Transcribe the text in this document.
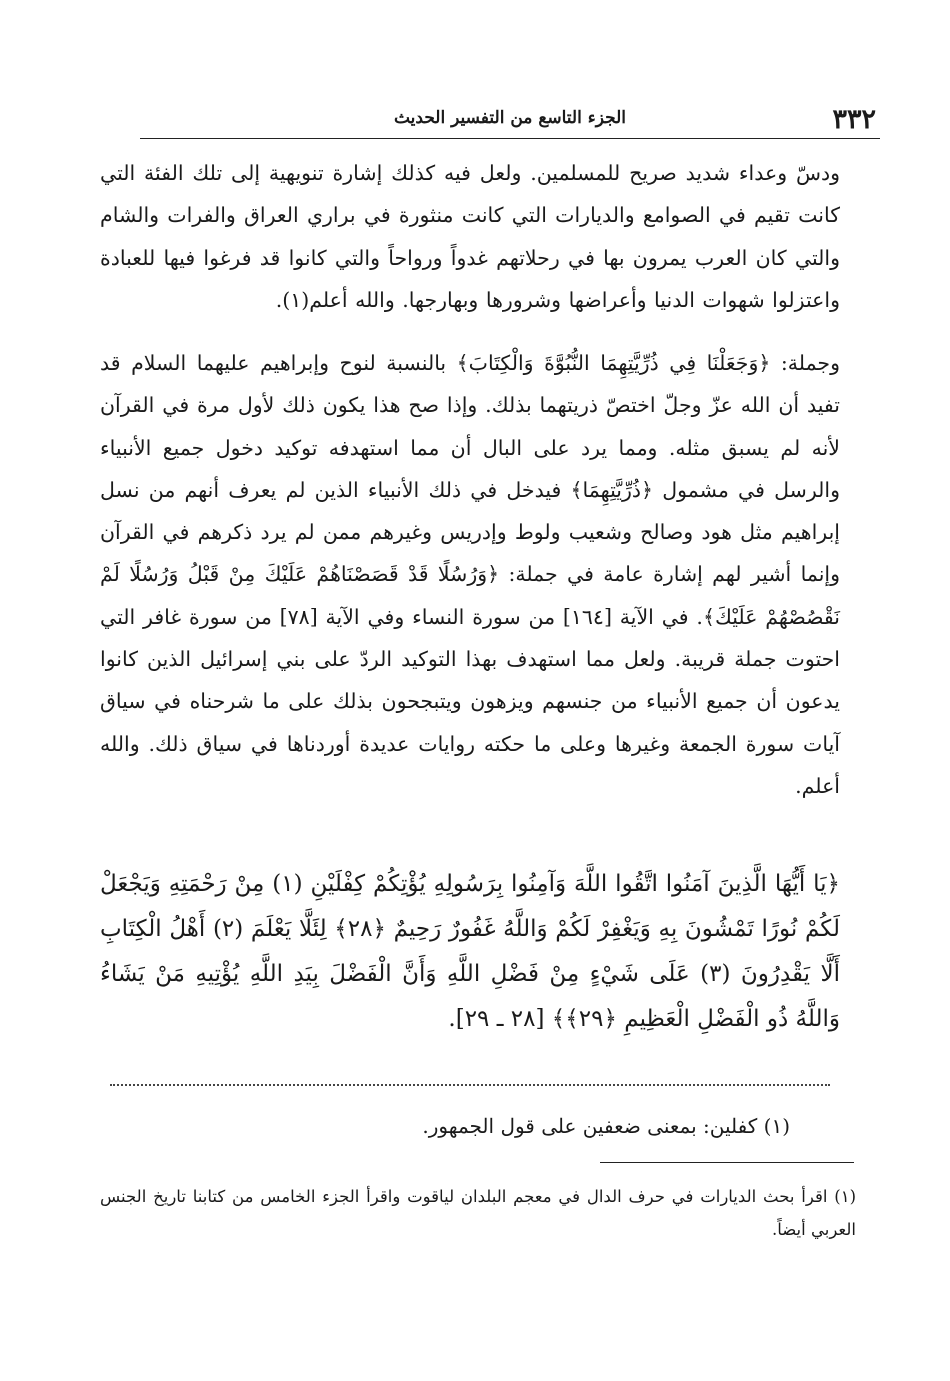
٣٣٢
الجزء التاسع من التفسير الحديث

ودسّ وعداء شديد صريح للمسلمين. ولعل فيه كذلك إشارة تنويهية إلى تلك الفئة التي كانت تقيم في الصوامع والديارات التي كانت منثورة في براري العراق والفرات والشام والتي كان العرب يمرون بها في رحلاتهم غدواً ورواحاً والتي كانوا قد فرغوا فيها للعبادة واعتزلوا شهوات الدنيا وأعراضها وشرورها وبهارجها. والله أعلم(١).

وجملة: ﴿وَجَعَلْنَا فِي ذُرِّيَّتِهِمَا النُّبُوَّةَ وَالْكِتَابَ﴾ بالنسبة لنوح وإبراهيم عليهما السلام قد تفيد أن الله عزّ وجلّ اختصّ ذريتهما بذلك. وإذا صح هذا يكون ذلك لأول مرة في القرآن لأنه لم يسبق مثله. ومما يرد على البال أن مما استهدفه توكيد دخول جميع الأنبياء والرسل في مشمول ﴿ذُرِّيَّتِهِمَا﴾ فيدخل في ذلك الأنبياء الذين لم يعرف أنهم من نسل إبراهيم مثل هود وصالح وشعيب ولوط وإدريس وغيرهم ممن لم يرد ذكرهم في القرآن وإنما أشير لهم إشارة عامة في جملة: ﴿وَرُسُلًا قَدْ قَصَصْنَاهُمْ عَلَيْكَ مِنْ قَبْلُ وَرُسُلًا لَمْ نَقْصُصْهُمْ عَلَيْكَ﴾. في الآية [١٦٤] من سورة النساء وفي الآية [٧٨] من سورة غافر التي احتوت جملة قريبة. ولعل مما استهدف بهذا التوكيد الردّ على بني إسرائيل الذين كانوا يدعون أن جميع الأنبياء من جنسهم ويزهون ويتبجحون بذلك على ما شرحناه في سياق آيات سورة الجمعة وغيرها وعلى ما حكته روايات عديدة أوردناها في سياق ذلك. والله أعلم.

﴿يَا أَيُّهَا الَّذِينَ آمَنُوا اتَّقُوا اللَّهَ وَآمِنُوا بِرَسُولِهِ يُؤْتِكُمْ كِفْلَيْنِ (١) مِنْ رَحْمَتِهِ وَيَجْعَلْ لَكُمْ نُورًا تَمْشُونَ بِهِ وَيَغْفِرْ لَكُمْ وَاللَّهُ غَفُورٌ رَحِيمٌ ﴿٢٨﴾ لِئَلَّا يَعْلَمَ (٢) أَهْلُ الْكِتَابِ أَلَّا يَقْدِرُونَ (٣) عَلَى شَيْءٍ مِنْ فَضْلِ اللَّهِ وَأَنَّ الْفَضْلَ بِيَدِ اللَّهِ يُؤْتِيهِ مَنْ يَشَاءُ وَاللَّهُ ذُو الْفَضْلِ الْعَظِيمِ ﴿٢٩﴾﴾ [٢٨ ـ ٢٩].

(١) كفلين: بمعنى ضعفين على قول الجمهور.
(١) اقرأ بحث الديارات في حرف الدال في معجم البلدان لياقوت واقرأ الجزء الخامس من كتابنا تاريخ الجنس العربي أيضاً.
